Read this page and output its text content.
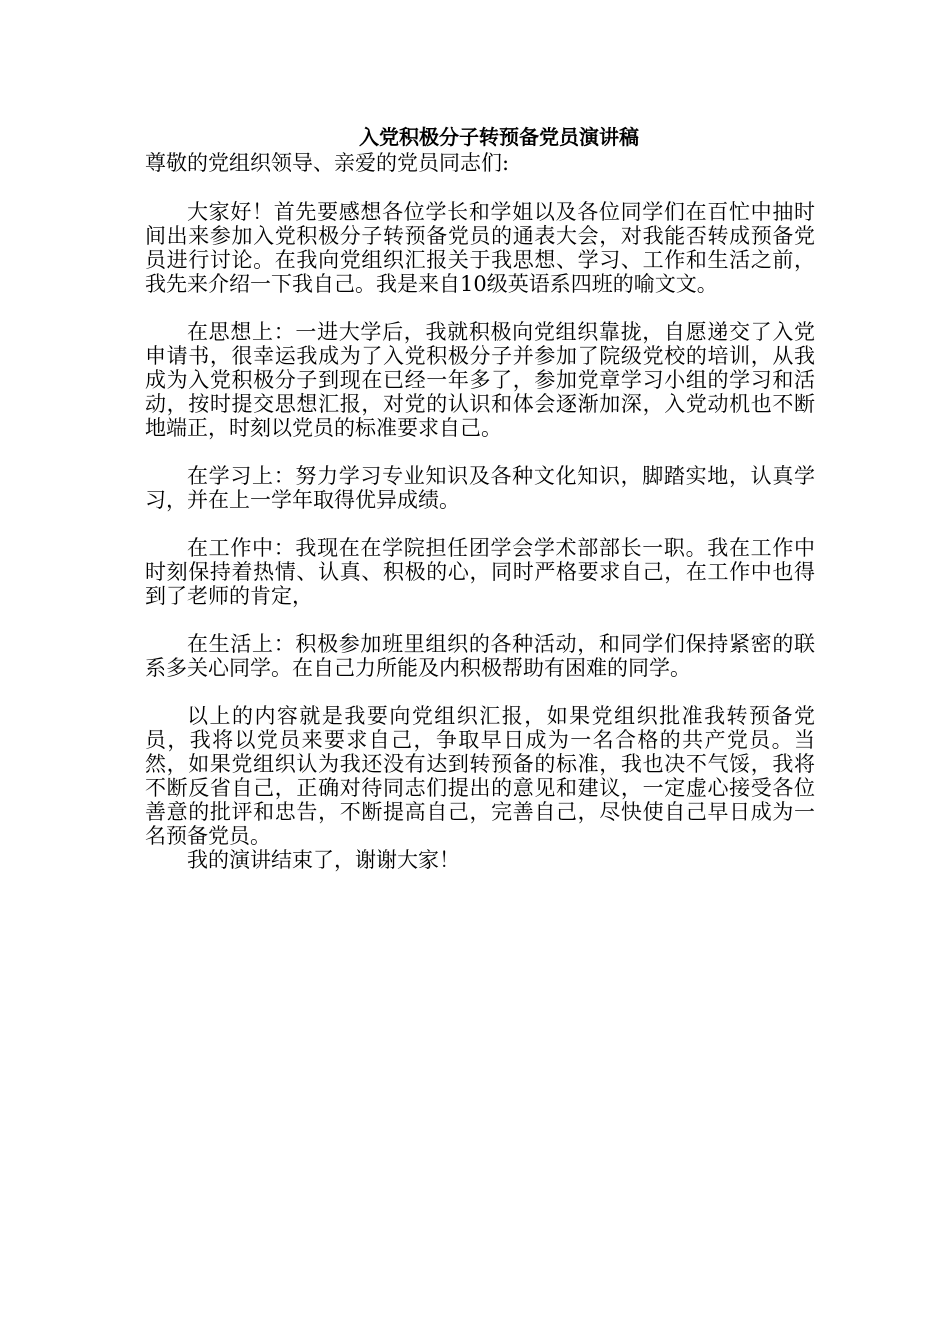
入党积极分子转预备党员演讲稿

尊敬的党组织领导、亲爱的党员同志们:

大家好！首先要感想各位学长和学姐以及各位同学们在百忙中抽时间出来参加入党积极分子转预备党员的通表大会，对我能否转成预备党员进行讨论。在我向党组织汇报关于我思想、学习、工作和生活之前，我先来介绍一下我自己。我是来自10级英语系四班的喻文文。

在思想上：一进大学后，我就积极向党组织靠拢，自愿递交了入党申请书，很幸运我成为了入党积极分子并参加了院级党校的培训，从我成为入党积极分子到现在已经一年多了，参加党章学习小组的学习和活动，按时提交思想汇报，对党的认识和体会逐渐加深，入党动机也不断地端正，时刻以党员的标准要求自己。

在学习上：努力学习专业知识及各种文化知识，脚踏实地，认真学习，并在上一学年取得优异成绩。

在工作中：我现在在学院担任团学会学术部部长一职。我在工作中时刻保持着热情、认真、积极的心，同时严格要求自己，在工作中也得到了老师的肯定，

在生活上：积极参加班里组织的各种活动，和同学们保持紧密的联系多关心同学。在自己力所能及内积极帮助有困难的同学。

以上的内容就是我要向党组织汇报，如果党组织批准我转预备党员，我将以党员来要求自己，争取早日成为一名合格的共产党员。当然，如果党组织认为我还没有达到转预备的标准，我也决不气馁，我将不断反省自己，正确对待同志们提出的意见和建议，一定虚心接受各位善意的批评和忠告，不断提高自己，完善自己，尽快使自己早日成为一名预备党员。

我的演讲结束了，谢谢大家！
